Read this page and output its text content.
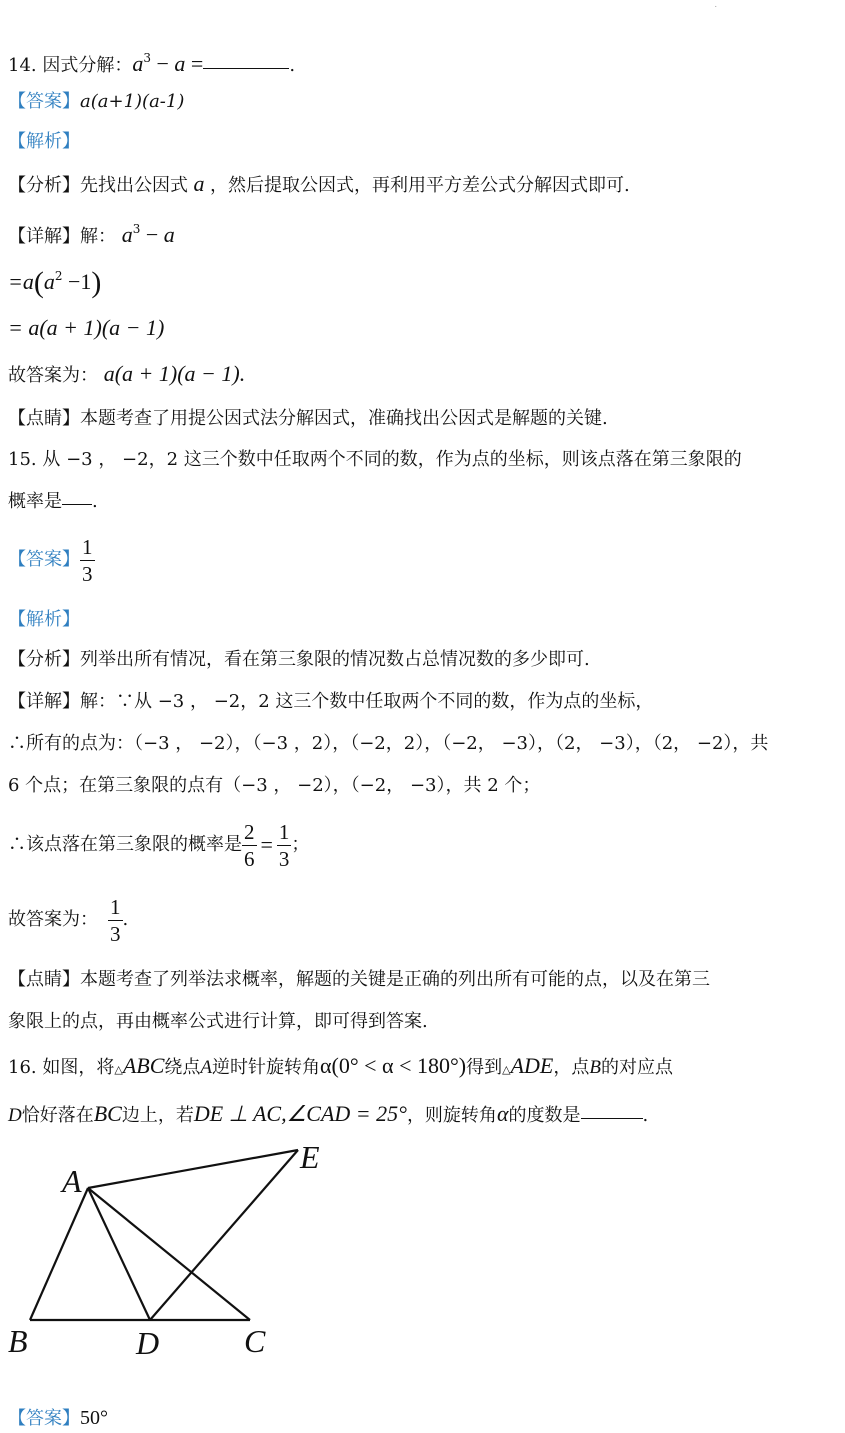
.
14. 因式分解：$a^3 - a$ =	.
【答案】a(a+1)(a-1)
【解析】
【分析】先找出公因式 a ，然后提取公因式，再利用平方差公式分解因式即可.
【详解】解： $a^3 - a$
$=a(a^2 -1)$
= a(a + 1)(a − 1)
故答案为： a(a + 1)(a − 1).
【点睛】本题考查了用提公因式法分解因式，准确找出公因式是解题的关键.
15. 从 −3 ， −2，2 这三个数中任取两个不同的数，作为点的坐标，则该点落在第三象限的
概率是 .
【答案】 $\frac{1}{3}$
【解析】
【分析】列举出所有情况，看在第三象限的情况数占总情况数的多少即可.
【详解】解：∵从 −3 ， −2，2 这三个数中任取两个不同的数，作为点的坐标，
∴所有的点为：（−3 ， −2），（−3 ，2），（−2，2），（−2， −3），（2， −3），（2， −2），共
6 个点；在第三象限的点有（−3 ， −2），（−2， −3），共 2 个；
∴该点落在第三象限的概率是 $\frac{2}{6} = \frac{1}{3}$ ；
故答案为： $\frac{1}{3}$ .
【点睛】本题考查了列举法求概率，解题的关键是正确的列出所有可能的点，以及在第三
象限上的点，再由概率公式进行计算，即可得到答案.
16. 如图，将△ABC绕点A逆时针旋转角α(0° < α < 180°)得到△ADE，点B的对应点
D恰好落在BC边上，若DE ⊥ AC,∠CAD = 25°，则旋转角α的度数是	.
A
B	D	C
E
【答案】50°
